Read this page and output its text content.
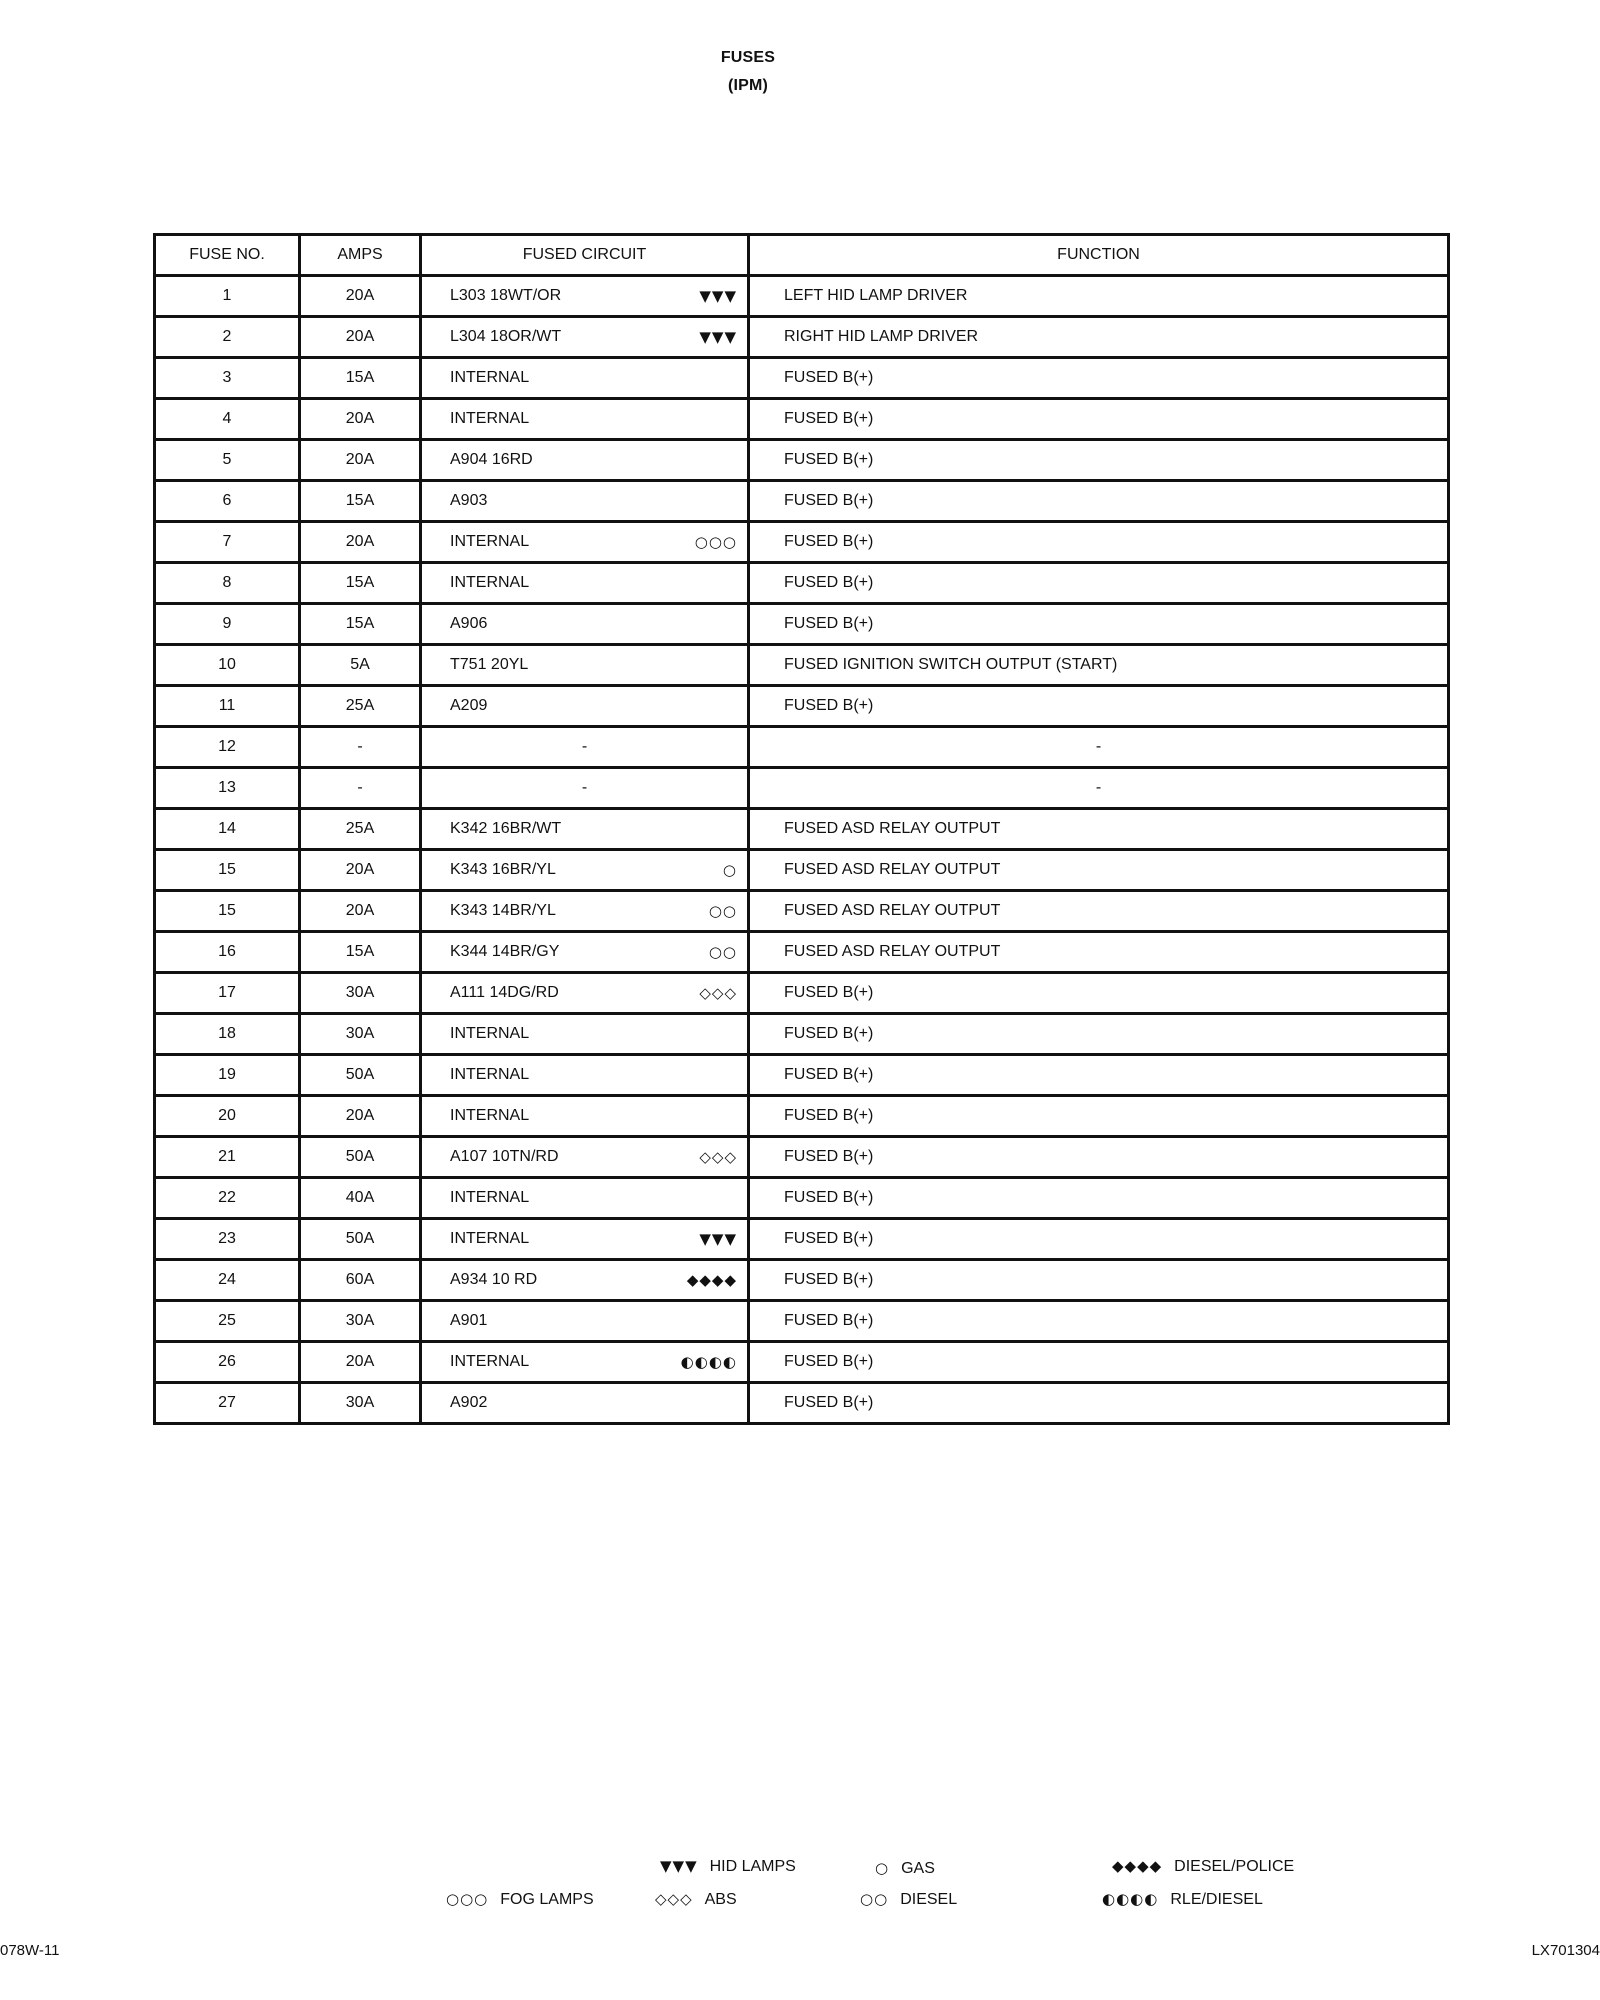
FUSES
(IPM)
FUSE NO.	AMPS	FUSED CIRCUIT	FUNCTION
1	20A	L303 18WT/OR ▼▼▼	LEFT HID LAMP DRIVER
2	20A	L304 18OR/WT ▼▼▼	RIGHT HID LAMP DRIVER
3	15A	INTERNAL	FUSED B(+)
4	20A	INTERNAL	FUSED B(+)
5	20A	A904 16RD	FUSED B(+)
6	15A	A903	FUSED B(+)
7	20A	INTERNAL ○○○	FUSED B(+)
8	15A	INTERNAL	FUSED B(+)
9	15A	A906	FUSED B(+)
10	5A	T751 20YL	FUSED IGNITION SWITCH OUTPUT (START)
11	25A	A209	FUSED B(+)
12	-	-	-
13	-	-	-
14	25A	K342 16BR/WT	FUSED ASD RELAY OUTPUT
15	20A	K343 16BR/YL ○	FUSED ASD RELAY OUTPUT
15	20A	K343 14BR/YL ○○	FUSED ASD RELAY OUTPUT
16	15A	K344 14BR/GY ○○	FUSED ASD RELAY OUTPUT
17	30A	A111 14DG/RD ◇◇◇	FUSED B(+)
18	30A	INTERNAL	FUSED B(+)
19	50A	INTERNAL	FUSED B(+)
20	20A	INTERNAL	FUSED B(+)
21	50A	A107 10TN/RD ◇◇◇	FUSED B(+)
22	40A	INTERNAL	FUSED B(+)
23	50A	INTERNAL ▼▼▼	FUSED B(+)
24	60A	A934 10 RD ◆◆◆◆	FUSED B(+)
25	30A	A901	FUSED B(+)
26	20A	INTERNAL ◐◐◐◐	FUSED B(+)
27	30A	A902	FUSED B(+)
▼▼▼ HID LAMPS	○ GAS	◆◆◆◆ DIESEL/POLICE
○○○ FOG LAMPS	◇◇◇ ABS	○○ DIESEL	◐◐◐◐ RLE/DIESEL
078W-11	LX701304
